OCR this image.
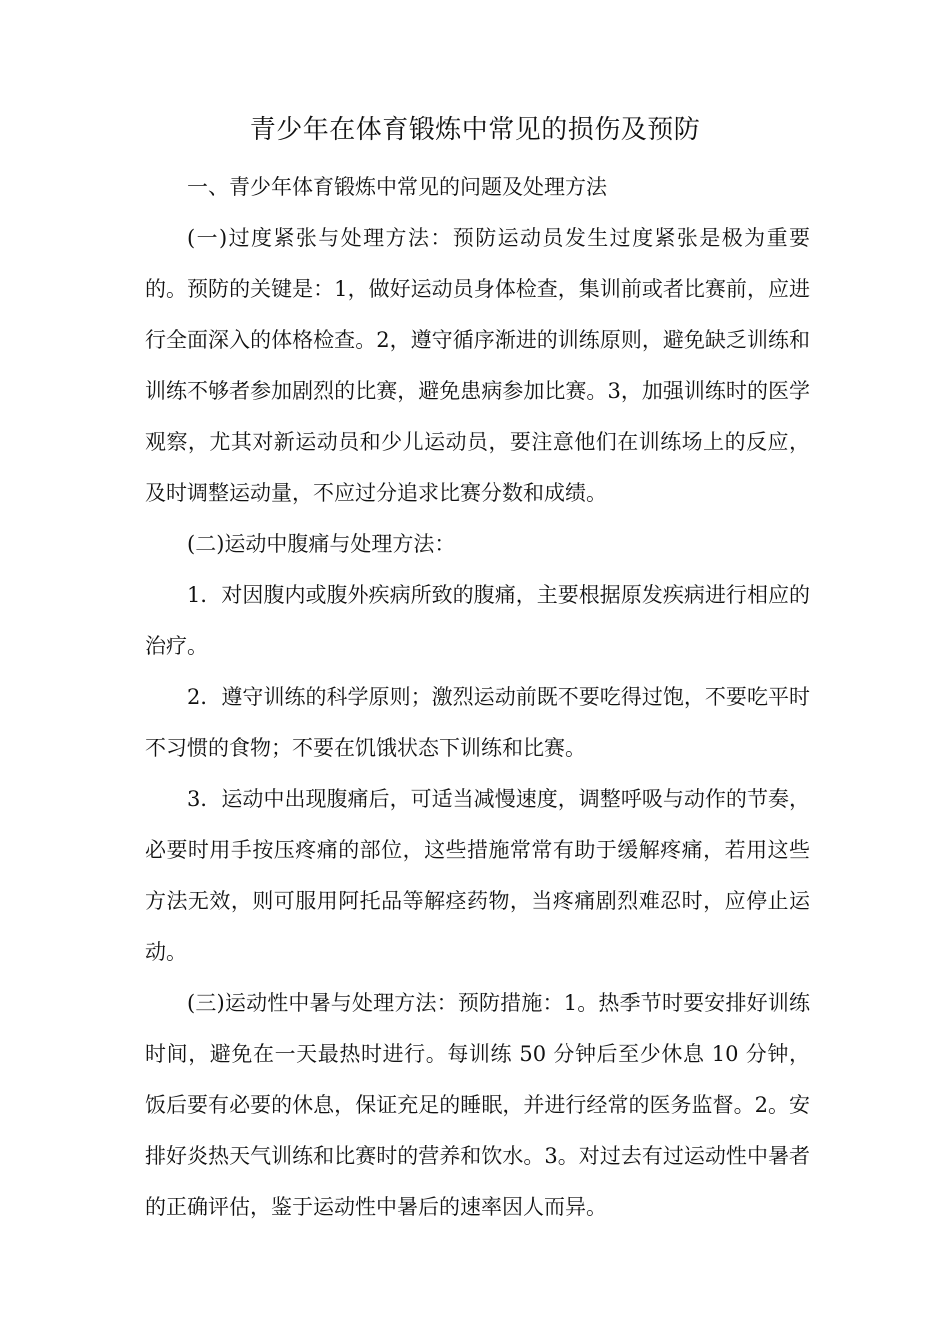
青少年在体育锻炼中常见的损伤及预防

一、青少年体育锻炼中常见的问题及处理方法

(一)过度紧张与处理方法：预防运动员发生过度紧张是极为重要的。预防的关键是：1，做好运动员身体检查，集训前或者比赛前，应进行全面深入的体格检查。2，遵守循序渐进的训练原则，避免缺乏训练和训练不够者参加剧烈的比赛，避免患病参加比赛。3，加强训练时的医学观察，尤其对新运动员和少儿运动员，要注意他们在训练场上的反应，及时调整运动量，不应过分追求比赛分数和成绩。

(二)运动中腹痛与处理方法：

1．对因腹内或腹外疾病所致的腹痛，主要根据原发疾病进行相应的治疗。

2．遵守训练的科学原则；激烈运动前既不要吃得过饱，不要吃平时不习惯的食物；不要在饥饿状态下训练和比赛。

3．运动中出现腹痛后，可适当减慢速度，调整呼吸与动作的节奏，必要时用手按压疼痛的部位，这些措施常常有助于缓解疼痛，若用这些方法无效，则可服用阿托品等解痉药物，当疼痛剧烈难忍时，应停止运动。

(三)运动性中暑与处理方法：预防措施：1。热季节时要安排好训练时间，避免在一天最热时进行。每训练 50 分钟后至少休息 10 分钟，饭后要有必要的休息，保证充足的睡眠，并进行经常的医务监督。2。安排好炎热天气训练和比赛时的营养和饮水。3。对过去有过运动性中暑者的正确评估，鉴于运动性中暑后的速率因人而异。
